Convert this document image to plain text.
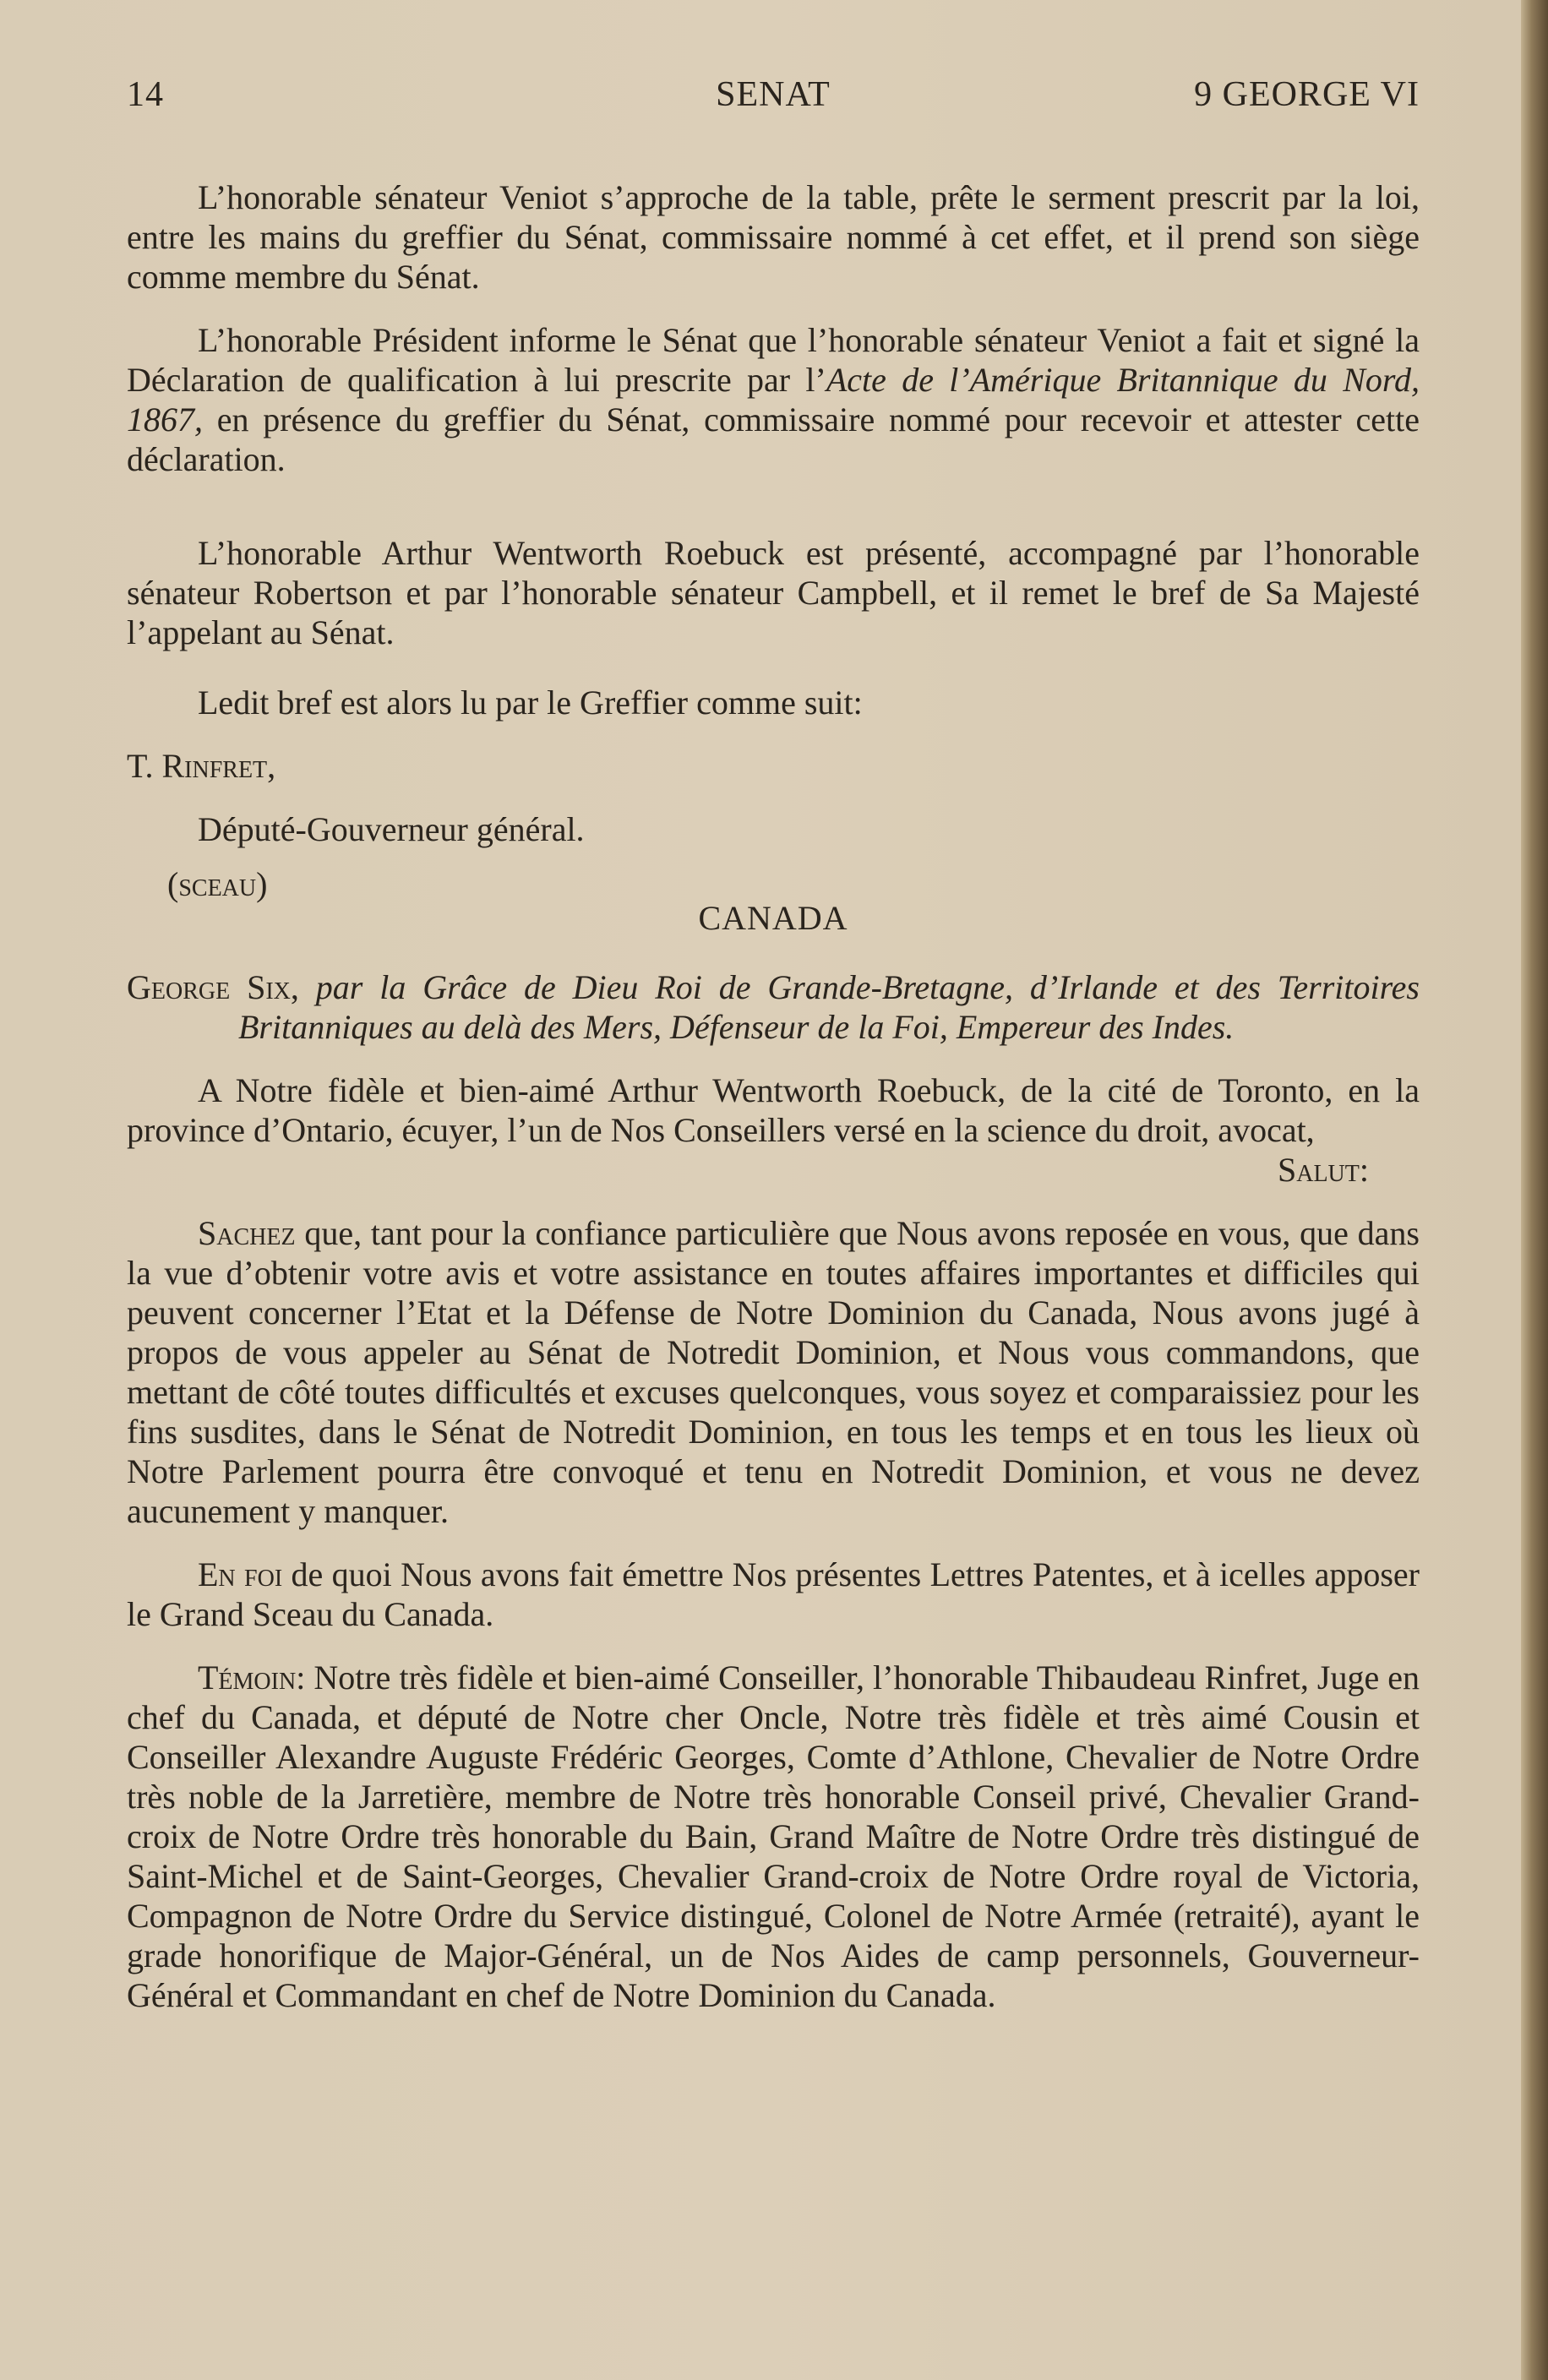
SENAT
14	9 GEORGE VI

L’honorable sénateur Veniot s’approche de la table, prête le serment prescrit par la loi, entre les mains du greffier du Sénat, commissaire nommé à cet effet, et il prend son siège comme membre du Sénat.

L’honorable Président informe le Sénat que l’honorable sénateur Veniot a fait et signé la Déclaration de qualification à lui prescrite par l’Acte de l’Amérique Britannique du Nord, 1867, en présence du greffier du Sénat, commissaire nommé pour recevoir et attester cette déclaration.

L’honorable Arthur Wentworth Roebuck est présenté, accompagné par l’honorable sénateur Robertson et par l’honorable sénateur Campbell, et il remet le bref de Sa Majesté l’appelant au Sénat.

Ledit bref est alors lu par le Greffier comme suit:

T. Rinfret,

Député-Gouverneur général.

(sceau)
CANADA

George Six, par la Grâce de Dieu Roi de Grande-Bretagne, d’Irlande et des Territoires Britanniques au delà des Mers, Défenseur de la Foi, Empereur des Indes.

A Notre fidèle et bien-aimé Arthur Wentworth Roebuck, de la cité de Toronto, en la province d’Ontario, écuyer, l’un de Nos Conseillers versé en la science du droit, avocat,

Salut:

Sachez que, tant pour la confiance particulière que Nous avons reposée en vous, que dans la vue d’obtenir votre avis et votre assistance en toutes affaires importantes et difficiles qui peuvent concerner l’Etat et la Défense de Notre Dominion du Canada, Nous avons jugé à propos de vous appeler au Sénat de Notredit Dominion, et Nous vous commandons, que mettant de côté toutes difficultés et excuses quelconques, vous soyez et comparaissiez pour les fins susdites, dans le Sénat de Notredit Dominion, en tous les temps et en tous les lieux où Notre Parlement pourra être convoqué et tenu en Notredit Dominion, et vous ne devez aucunement y manquer.

En foi de quoi Nous avons fait émettre Nos présentes Lettres Patentes, et à icelles apposer le Grand Sceau du Canada.

Témoin: Notre très fidèle et bien-aimé Conseiller, l’honorable Thibaudeau Rinfret, Juge en chef du Canada, et député de Notre cher Oncle, Notre très fidèle et très aimé Cousin et Conseiller Alexandre Auguste Frédéric Georges, Comte d’Athlone, Chevalier de Notre Ordre très noble de la Jarretière, membre de Notre très honorable Conseil privé, Chevalier Grand-croix de Notre Ordre très honorable du Bain, Grand Maître de Notre Ordre très distingué de Saint-Michel et de Saint-Georges, Chevalier Grand-croix de Notre Ordre royal de Victoria, Compagnon de Notre Ordre du Service distingué, Colonel de Notre Armée (retraité), ayant le grade honorifique de Major-Général, un de Nos Aides de camp personnels, Gouverneur-Général et Commandant en chef de Notre Dominion du Canada.
